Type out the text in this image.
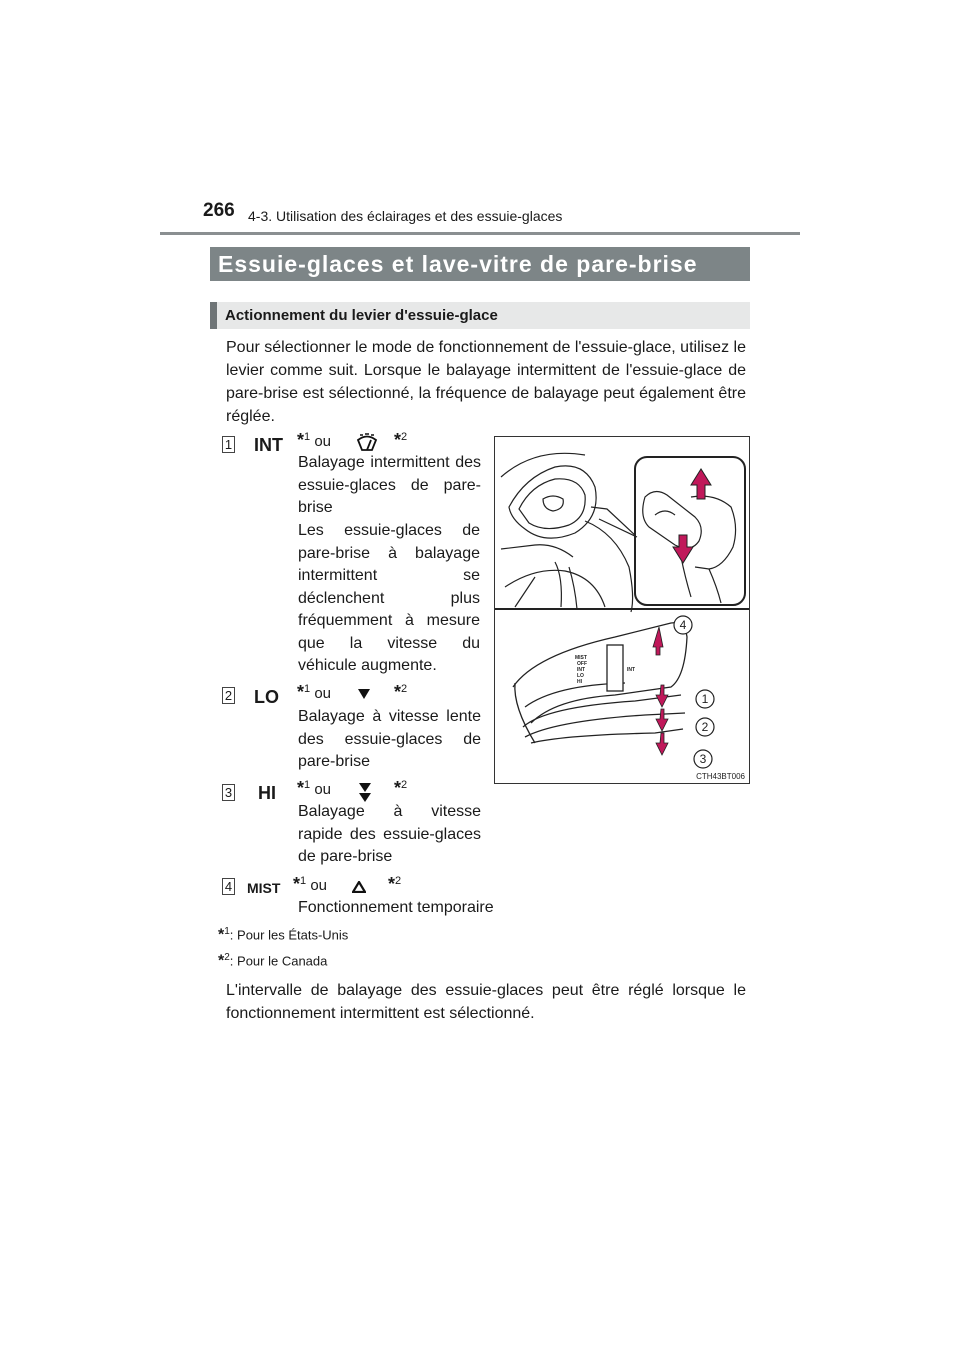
266 4-3. Utilisation des éclairages et des essuie-glaces
Essuie-glaces et lave-vitre de pare-brise
Actionnement du levier d'essuie-glace
Pour sélectionner le mode de fonctionnement de l'essuie-glace, utilisez le levier comme suit. Lorsque le balayage intermittent de l'essuie-glace de pare-brise est sélectionné, la fréquence de balayage peut également être réglée.
1 INT *$^1$ ou	*$^2$
Balayage intermittent des essuie-glaces de pare-brise
Les essuie-glaces de pare-brise à balayage intermittent se déclenchent plus fréquemment à mesure que la vitesse du véhicule augmente.
2 LO *$^1$ ou	*$^2$
Balayage à vitesse lente des essuie-glaces de pare-brise
3 HI *$^1$ ou	*$^2$
Balayage à vitesse rapide des essuie-glaces de pare-brise
4 MIST *$^1$ ou	*$^2$
Fonctionnement temporaire
MIST
OFF
INT
LO
HI
INT
4
1
2
3
CTH43BT006
*$^1$: Pour les États-Unis
*$^2$: Pour le Canada
L'intervalle de balayage des essuie-glaces peut être réglé lorsque le fonctionnement intermittent est sélectionné.
